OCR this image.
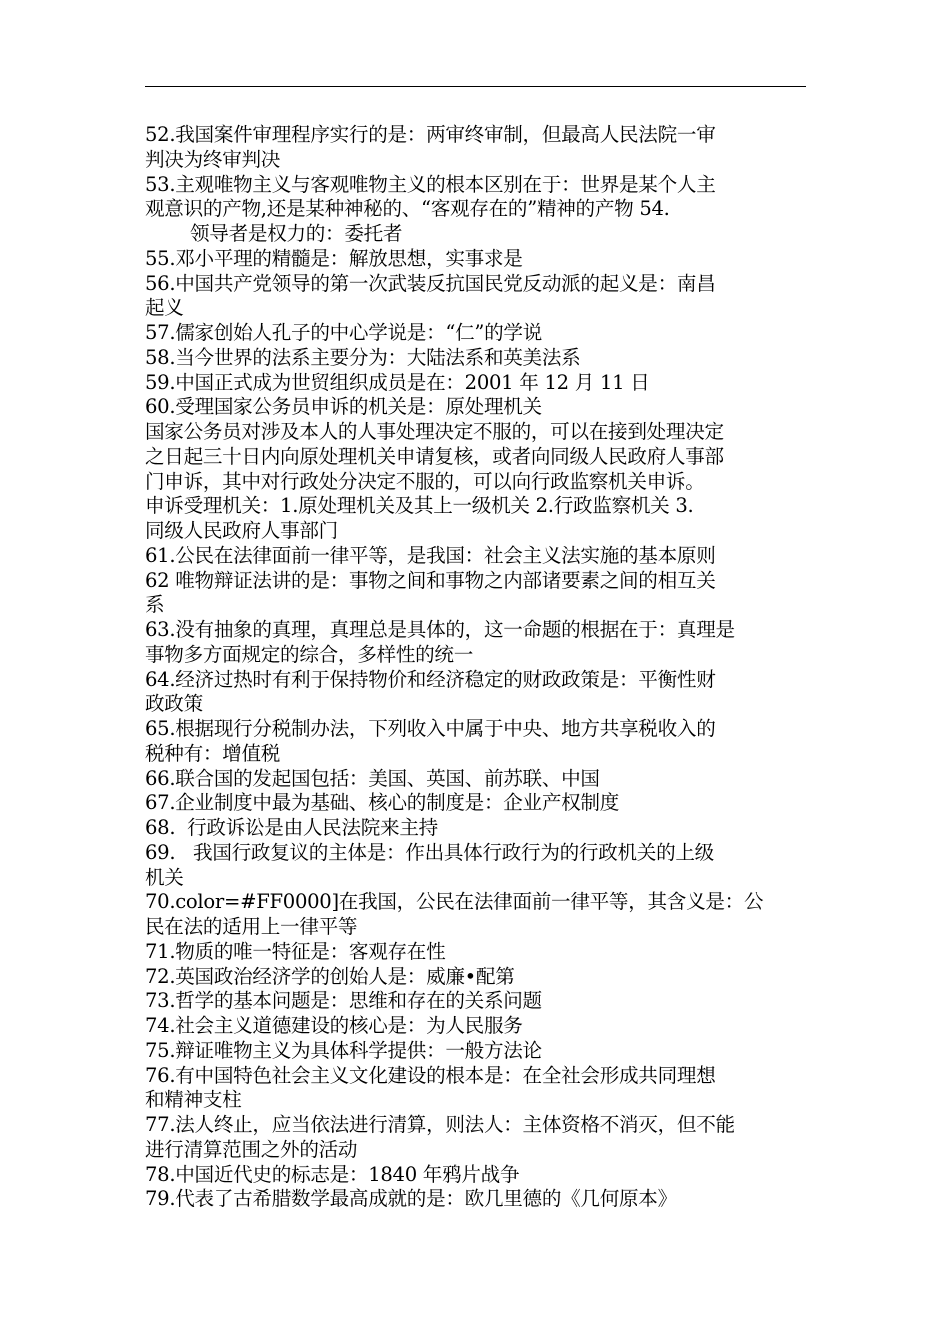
52.我国案件审理程序实行的是：两审终审制，但最高人民法院一审
判决为终审判决
53.主观唯物主义与客观唯物主义的根本区别在于：世界是某个人主
观意识的产物,还是某种神秘的、“客观存在的”精神的产物 54.
领导者是权力的：委托者
55.邓小平理的精髓是：解放思想，实事求是
56.中国共产党领导的第一次武装反抗国民党反动派的起义是：南昌
起义
57.儒家创始人孔子的中心学说是：“仁”的学说
58.当今世界的法系主要分为：大陆法系和英美法系
59.中国正式成为世贸组织成员是在：2001 年 12 月 11 日
60.受理国家公务员申诉的机关是：原处理机关
国家公务员对涉及本人的人事处理决定不服的，可以在接到处理决定
之日起三十日内向原处理机关申请复核，或者向同级人民政府人事部
门申诉，其中对行政处分决定不服的，可以向行政监察机关申诉。
申诉受理机关：1.原处理机关及其上一级机关 2.行政监察机关 3.
同级人民政府人事部门
61.公民在法律面前一律平等，是我国：社会主义法实施的基本原则
62 唯物辩证法讲的是：事物之间和事物之内部诸要素之间的相互关
系
63.没有抽象的真理，真理总是具体的，这一命题的根据在于：真理是
事物多方面规定的综合，多样性的统一
64.经济过热时有利于保持物价和经济稳定的财政政策是：平衡性财
政政策
65.根据现行分税制办法，下列收入中属于中央、地方共享税收入的
税种有：增值税
66.联合国的发起国包括：美国、英国、前苏联、中国
67.企业制度中最为基础、核心的制度是：企业产权制度
68.  行政诉讼是由人民法院来主持
69.   我国行政复议的主体是：作出具体行政行为的行政机关的上级
机关
70.color=#FF0000]在我国，公民在法律面前一律平等，其含义是：公
民在法的适用上一律平等
71.物质的唯一特征是：客观存在性
72.英国政治经济学的创始人是：威廉•配第
73.哲学的基本问题是：思维和存在的关系问题
74.社会主义道德建设的核心是：为人民服务
75.辩证唯物主义为具体科学提供：一般方法论
76.有中国特色社会主义文化建设的根本是：在全社会形成共同理想
和精神支柱
77.法人终止，应当依法进行清算，则法人：主体资格不消灭，但不能
进行清算范围之外的活动
78.中国近代史的标志是：1840 年鸦片战争
79.代表了古希腊数学最高成就的是：欧几里德的《几何原本》
